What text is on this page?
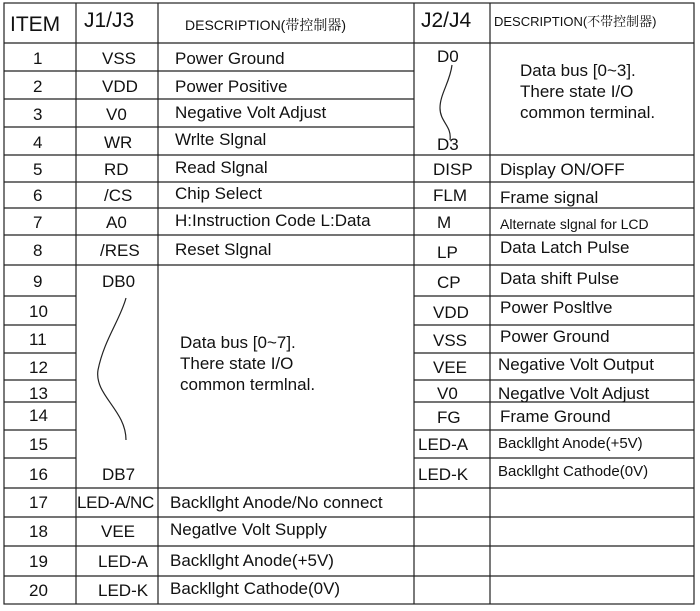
ITEM J1/J3	DESCRIPTION(带控制器)	J2/J4 DESCRIPTION(不带控制器)
1
2
3
4
5
6
7
8
9
10
11
12
13
14
15
16
17
18
19
20
VSS
VDD
V0
WR
RD
/CS
A0
/RES
DB0
DB7
LED-A/NC
VEE
LED-A
LED-K
Power Ground
Power Positive
Negative Volt Adjust
Wrlte Slgnal
Read Slgnal
Chip Select
H:Instruction Code L:Data
Reset Slgnal
Backllght Anode/No connect
Negatlve Volt Supply
Backllght Anode(+5V)
Backllght Cathode(0V)
Data bus [0~7].
There state I/O
common termlnal.
D0
D3
Data bus [0~3].
There state I/O
common terminal.
DISP
FLM
M
LP
CP
VDD
VSS
VEE
V0
FG
LED-A
LED-K
Display ON/OFF
Frame signal
Alternate slgnal for LCD
Data Latch Pulse
Data shift Pulse
Power Posltlve
Power Ground
Negative Volt Output
Negatlve Volt Adjust
Frame Ground
Backllght Anode(+5V)
Backllght Cathode(0V)
